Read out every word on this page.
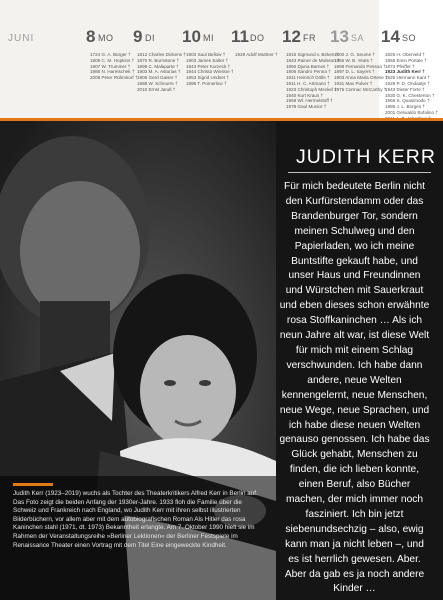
JUNI	8 MO
1724 G. A. Bürger †
1809 C. M. Hopkins †
1907 W. Trummer †
1985 N. Haretschek †
2008 Peter Rühmkorf †
9 DI
1812 Charles Dickens †
1870 R. Burnstone †
1898 C. Malaparte †
1903 M. A. Asturias †
1905 Gerd Gaiser †
1988 W. Schnurre †
2010 Ernst Jandl †
10 MI
1903 Saul Bellow †
1903 James Salter †
1943 Peter Kurzeck †
1944 Christa Winsloe †
1953 Sigrid Undset †
1996 T. Pomerlow †
11 DO
1929 Adolf Muttner †
12 FR
1816 Sigmund v. Birken †
1843 Rainer de Moisson †
1850 Djuna Barnes †
1906 Sandro Penna †
1911 Heinrich Dölle †
1911 H. C. Artmann †
1923 Christoph Meckel †
1940 Kurt Kraus †
1969 Wl. Hermelstoff †
1978 Gaul Munior †
13 SA
1800 J. G. Seume †
1865 W. B. Yeats †
1888 Fernando Pessoa †
1897 D. L. Sayers †
1903 Anna Maria Ortese †
1931 Max Pulver †
1975 Cormac McCarthy †
14 SO
1826 H. Oberveld †
1855 Emin Portale †
1874 Pfeiffer †
1923 Judith Kerr †
1926 Hermann Kant †
1929 P. D. Ondaatje †
1943 Dieter Forte †
1930 G. K. Chesterton †
1968 S. Quasimodo †
1986 J. L. Borges †
2001 Gesualdo Bufalino †
Judith Kerr (1923–2019) wuchs als Tochter des Theaterkritikers Alfred Kerr in Berlin auf. Das Foto zeigt die beiden Anfang der 1930er-Jahre. 1933 floh die Familie über die Schweiz und Frankreich nach England, wo Judith Kerr mit ihren selbst illustrierten Bilderbüchern, vor allem aber mit dem autobiografischen Roman Als Hitler das rosa Kaninchen stahl (1971, dt. 1973) Bekanntheit erlangte. Am 7. Oktober 1990 hielt sie im Rahmen der Veranstaltungsreihe »Berliner Lektionen« der Berliner Festspiele im Renaissance Theater einen Vortrag mit dem Titel Eine eingeweckte Kindheit.
JUDITH KERR
Für mich bedeutete Berlin nicht den Kurfürstendamm oder das Brandenburger Tor, sondern meinen Schulweg und den Papierladen, wo ich meine Buntstifte gekauft habe, und unser Haus und Freundinnen und Würstchen mit Sauerkraut und eben dieses schon erwähnte rosa Stoffkaninchen … Als ich neun Jahre alt war, ist diese Welt für mich mit einem Schlag verschwunden. Ich habe dann andere, neue Welten kennengelernt, neue Menschen, neue Wege, neue Sprachen, und ich habe diese neuen Welten genauso genossen. Ich habe das Glück gehabt, Menschen zu finden, die ich lieben konnte, einen Beruf, also Bücher machen, der mich immer noch fasziniert. Ich bin jetzt siebenundsechzig – also, ewig kann man ja nicht leben –, und es ist herrlich gewesen. Aber. Aber da gab es ja noch andere Kinder …
